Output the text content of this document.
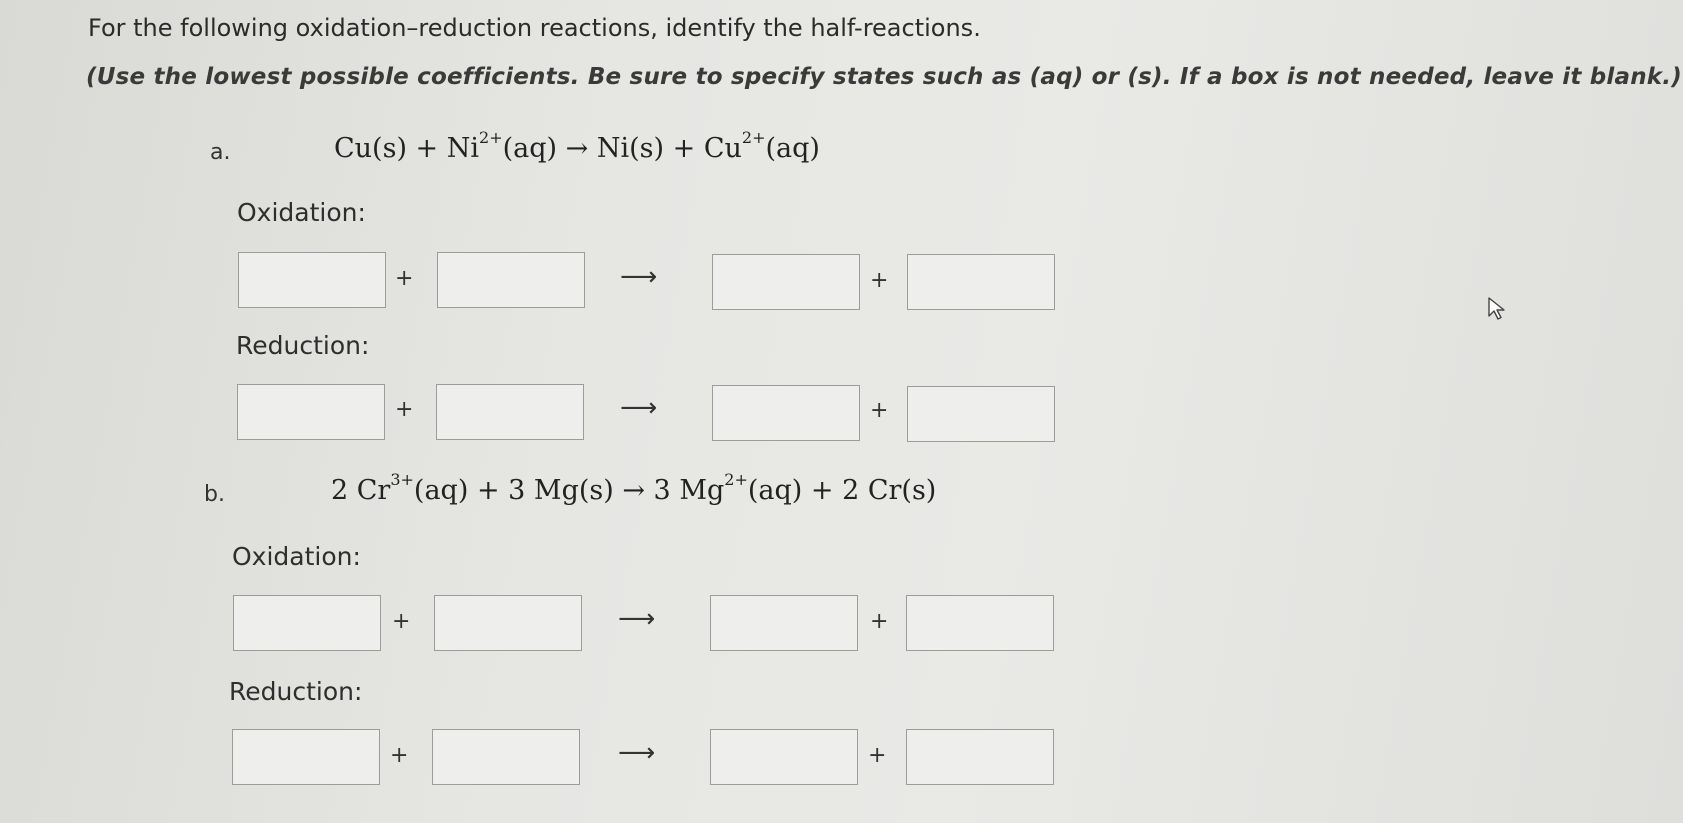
For the following oxidation–reduction reactions, identify the half-reactions.
(Use the lowest possible coefficients. Be sure to specify states such as (aq) or (s). If a box is not needed, leave it blank.)
a.	$Cu(s) + Ni^{2+}(aq) \to Ni(s) + Cu^{2+}(aq)$
Oxidation:
+	⟶	+
Reduction:
+	⟶	+
b.	2 $Cr^{3+}(aq) + 3$ Mg(s) → 3 $Mg^{2+}(aq) + 2$ Cr(s)
Oxidation:
+	⟶	+
Reduction:
+	⟶	+
